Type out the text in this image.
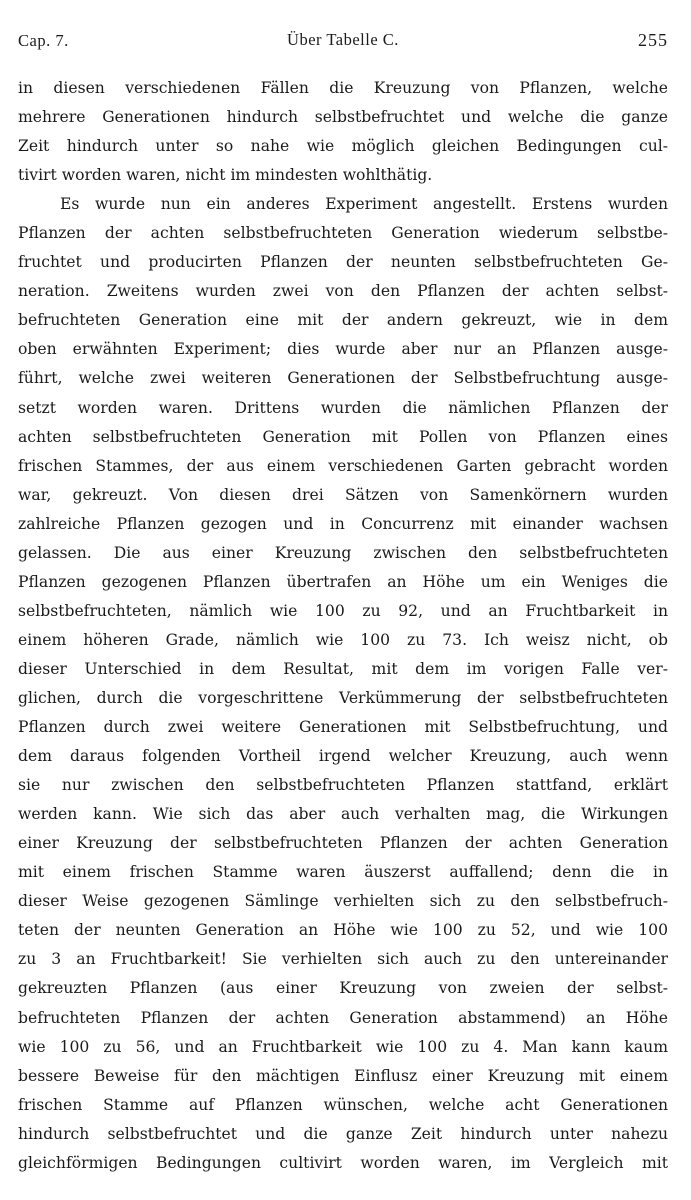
Cap. 7.	Über Tabelle C.	255
in diesen verschiedenen Fällen die Kreuzung von Pflanzen, welche
mehrere Generationen hindurch selbstbefruchtet und welche die ganze
Zeit hindurch unter so nahe wie möglich gleichen Bedingungen cul-
tivirt worden waren, nicht im mindesten wohlthätig.
Es wurde nun ein anderes Experiment angestellt. Erstens wurden
Pflanzen der achten selbstbefruchteten Generation wiederum selbstbe-
fruchtet und producirten Pflanzen der neunten selbstbefruchteten Ge-
neration. Zweitens wurden zwei von den Pflanzen der achten selbst-
befruchteten Generation eine mit der andern gekreuzt, wie in dem
oben erwähnten Experiment; dies wurde aber nur an Pflanzen ausge-
führt, welche zwei weiteren Generationen der Selbstbefruchtung ausge-
setzt worden waren. Drittens wurden die nämlichen Pflanzen der
achten selbstbefruchteten Generation mit Pollen von Pflanzen eines
frischen Stammes, der aus einem verschiedenen Garten gebracht worden
war, gekreuzt. Von diesen drei Sätzen von Samenkörnern wurden
zahlreiche Pflanzen gezogen und in Concurrenz mit einander wachsen
gelassen. Die aus einer Kreuzung zwischen den selbstbefruchteten
Pflanzen gezogenen Pflanzen übertrafen an Höhe um ein Weniges die
selbstbefruchteten, nämlich wie 100 zu 92, und an Fruchtbarkeit in
einem höheren Grade, nämlich wie 100 zu 73. Ich weisz nicht, ob
dieser Unterschied in dem Resultat, mit dem im vorigen Falle ver-
glichen, durch die vorgeschrittene Verkümmerung der selbstbefruchteten
Pflanzen durch zwei weitere Generationen mit Selbstbefruchtung, und
dem daraus folgenden Vortheil irgend welcher Kreuzung, auch wenn
sie nur zwischen den selbstbefruchteten Pflanzen stattfand, erklärt
werden kann. Wie sich das aber auch verhalten mag, die Wirkungen
einer Kreuzung der selbstbefruchteten Pflanzen der achten Generation
mit einem frischen Stamme waren äuszerst auffallend; denn die in
dieser Weise gezogenen Sämlinge verhielten sich zu den selbstbefruch-
teten der neunten Generation an Höhe wie 100 zu 52, und wie 100
zu 3 an Fruchtbarkeit! Sie verhielten sich auch zu den untereinander
gekreuzten Pflanzen (aus einer Kreuzung von zweien der selbst-
befruchteten Pflanzen der achten Generation abstammend) an Höhe
wie 100 zu 56, und an Fruchtbarkeit wie 100 zu 4. Man kann kaum
bessere Beweise für den mächtigen Einflusz einer Kreuzung mit einem
frischen Stamme auf Pflanzen wünschen, welche acht Generationen
hindurch selbstbefruchtet und die ganze Zeit hindurch unter nahezu
gleichförmigen Bedingungen cultivirt worden waren, im Vergleich mit
